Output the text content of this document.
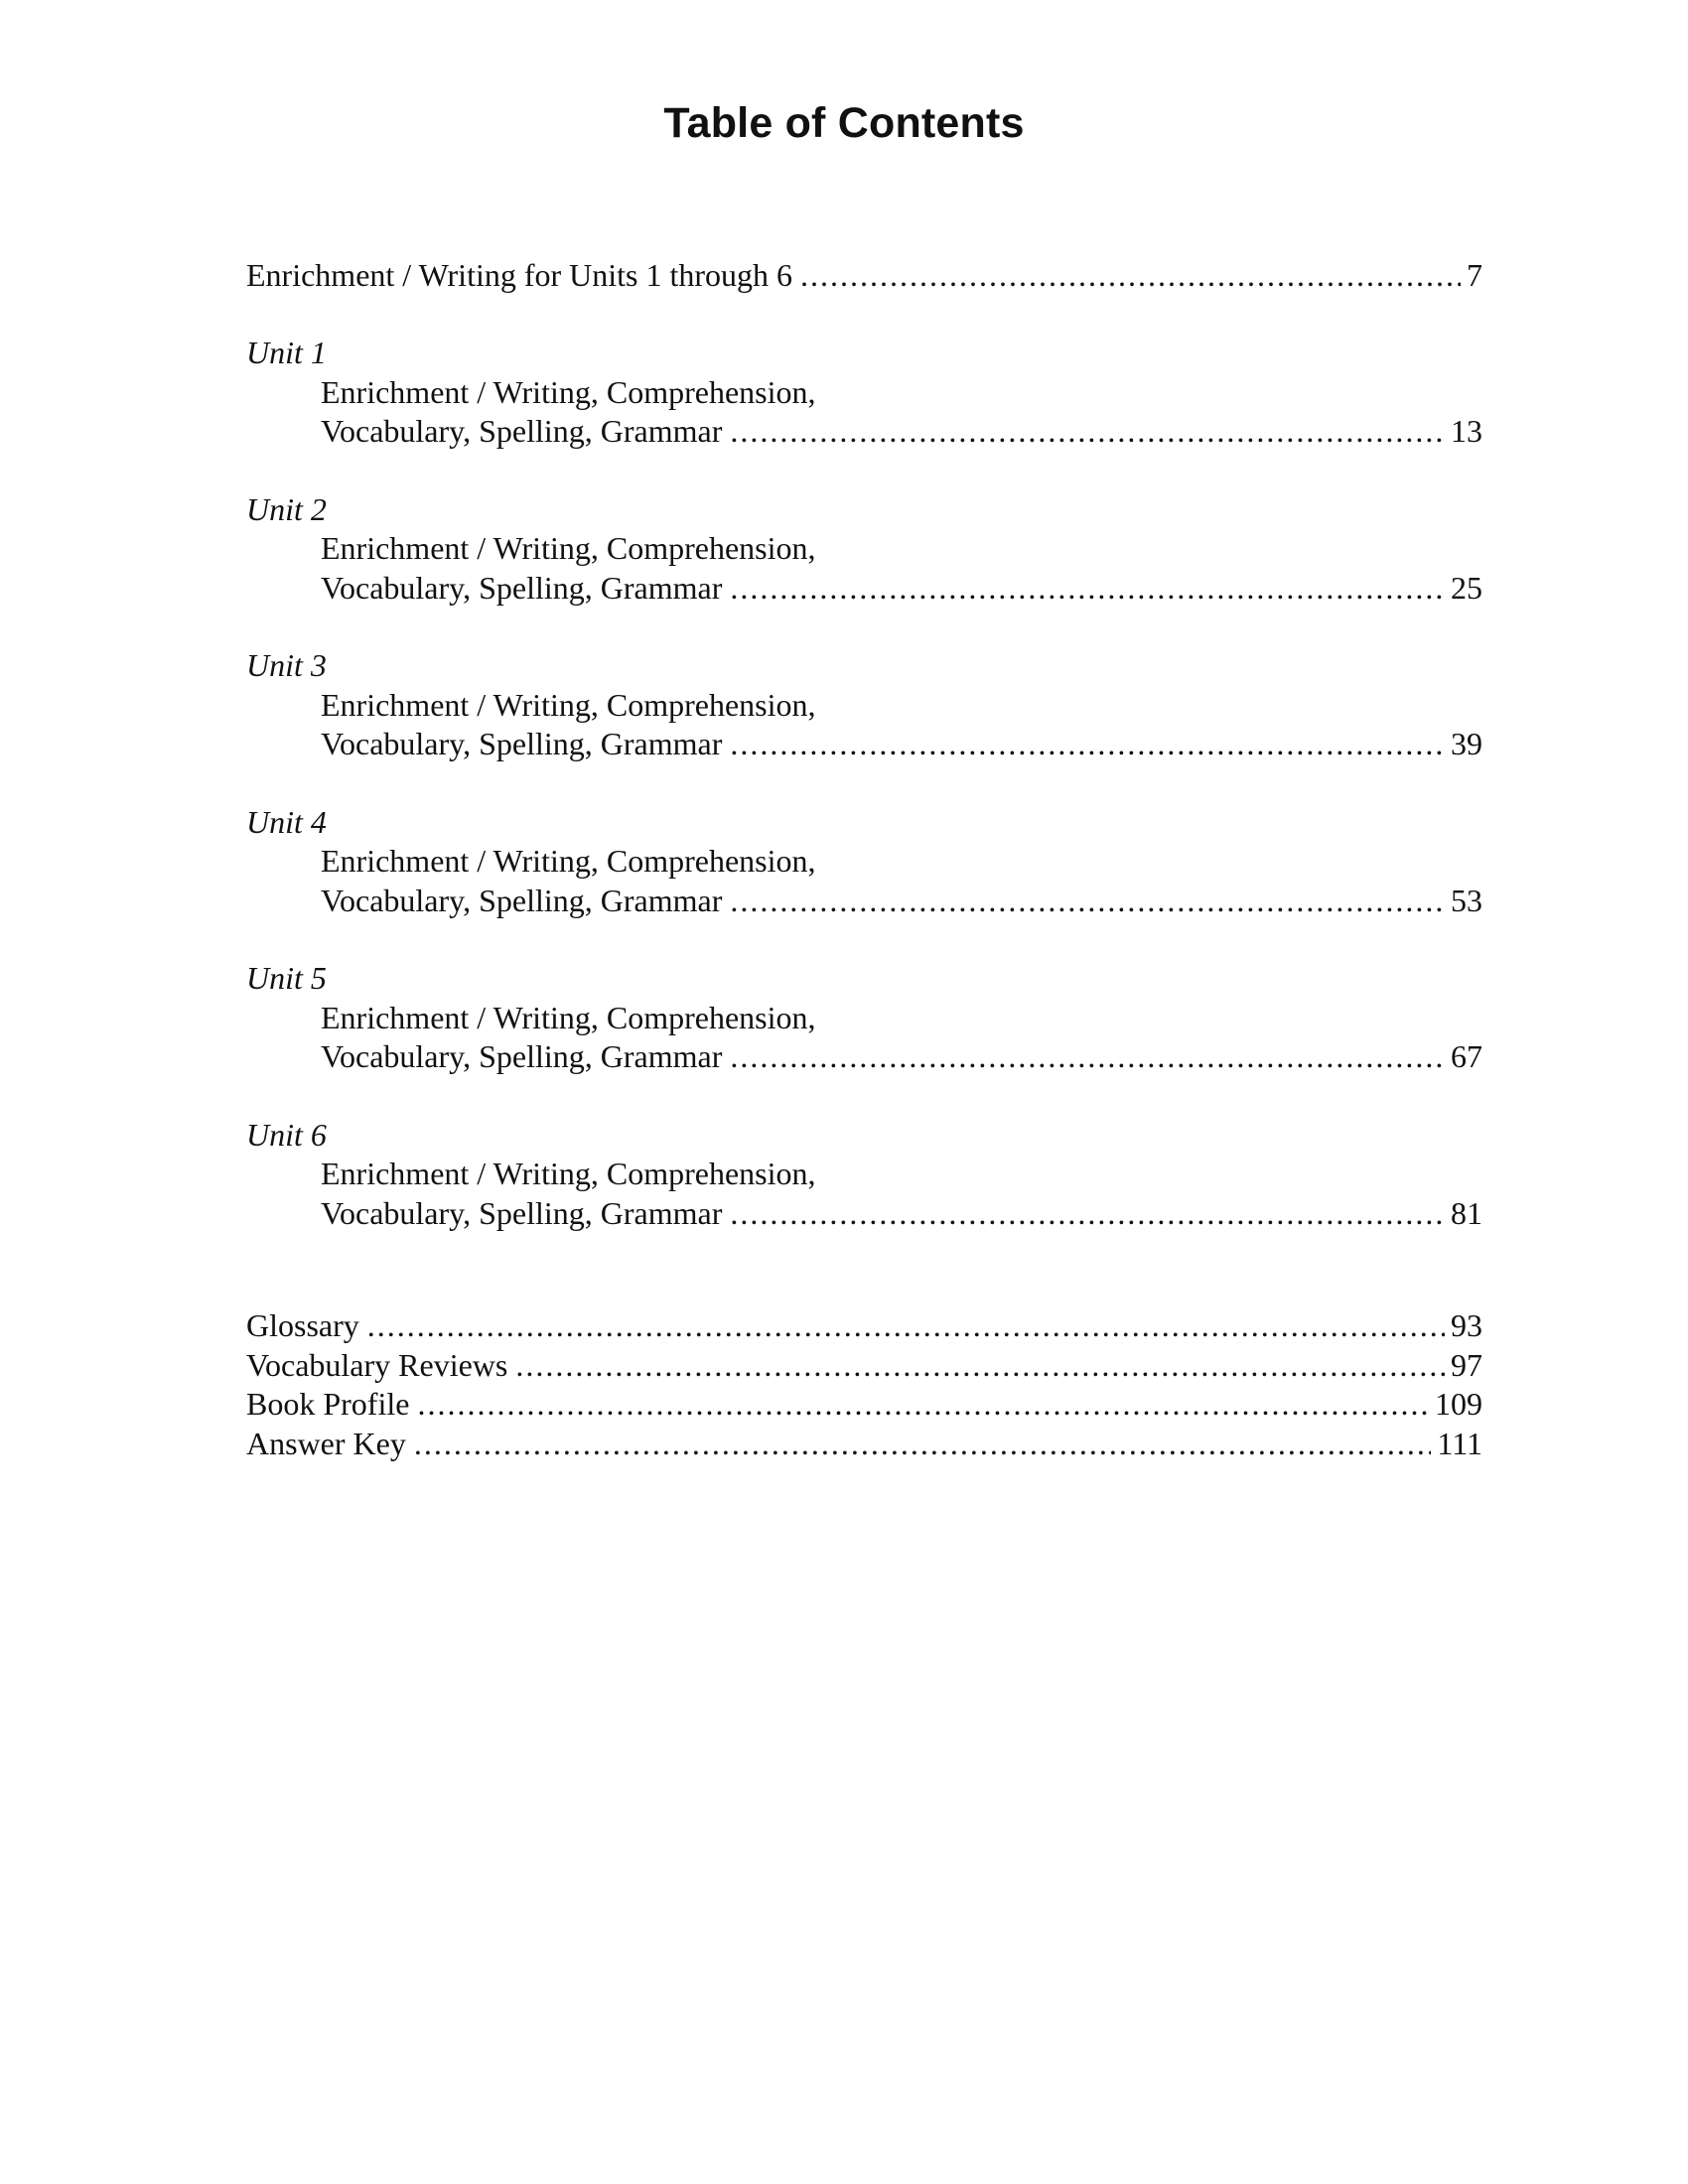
Table of Contents
Enrichment / Writing for Units 1 through 6 . . .	7
Unit 1
Enrichment / Writing, Comprehension,
Vocabulary, Spelling, Grammar . . .	13
Unit 2
Enrichment / Writing, Comprehension,
Vocabulary, Spelling, Grammar . . .	25
Unit 3
Enrichment / Writing, Comprehension,
Vocabulary, Spelling, Grammar . . .	39
Unit 4
Enrichment / Writing, Comprehension,
Vocabulary, Spelling, Grammar . . .	53
Unit 5
Enrichment / Writing, Comprehension,
Vocabulary, Spelling, Grammar . . .	67
Unit 6
Enrichment / Writing, Comprehension,
Vocabulary, Spelling, Grammar . . .	81
Glossary . . .	93
Vocabulary Reviews . . .	97
Book Profile . . .	109
Answer Key . . .	111
